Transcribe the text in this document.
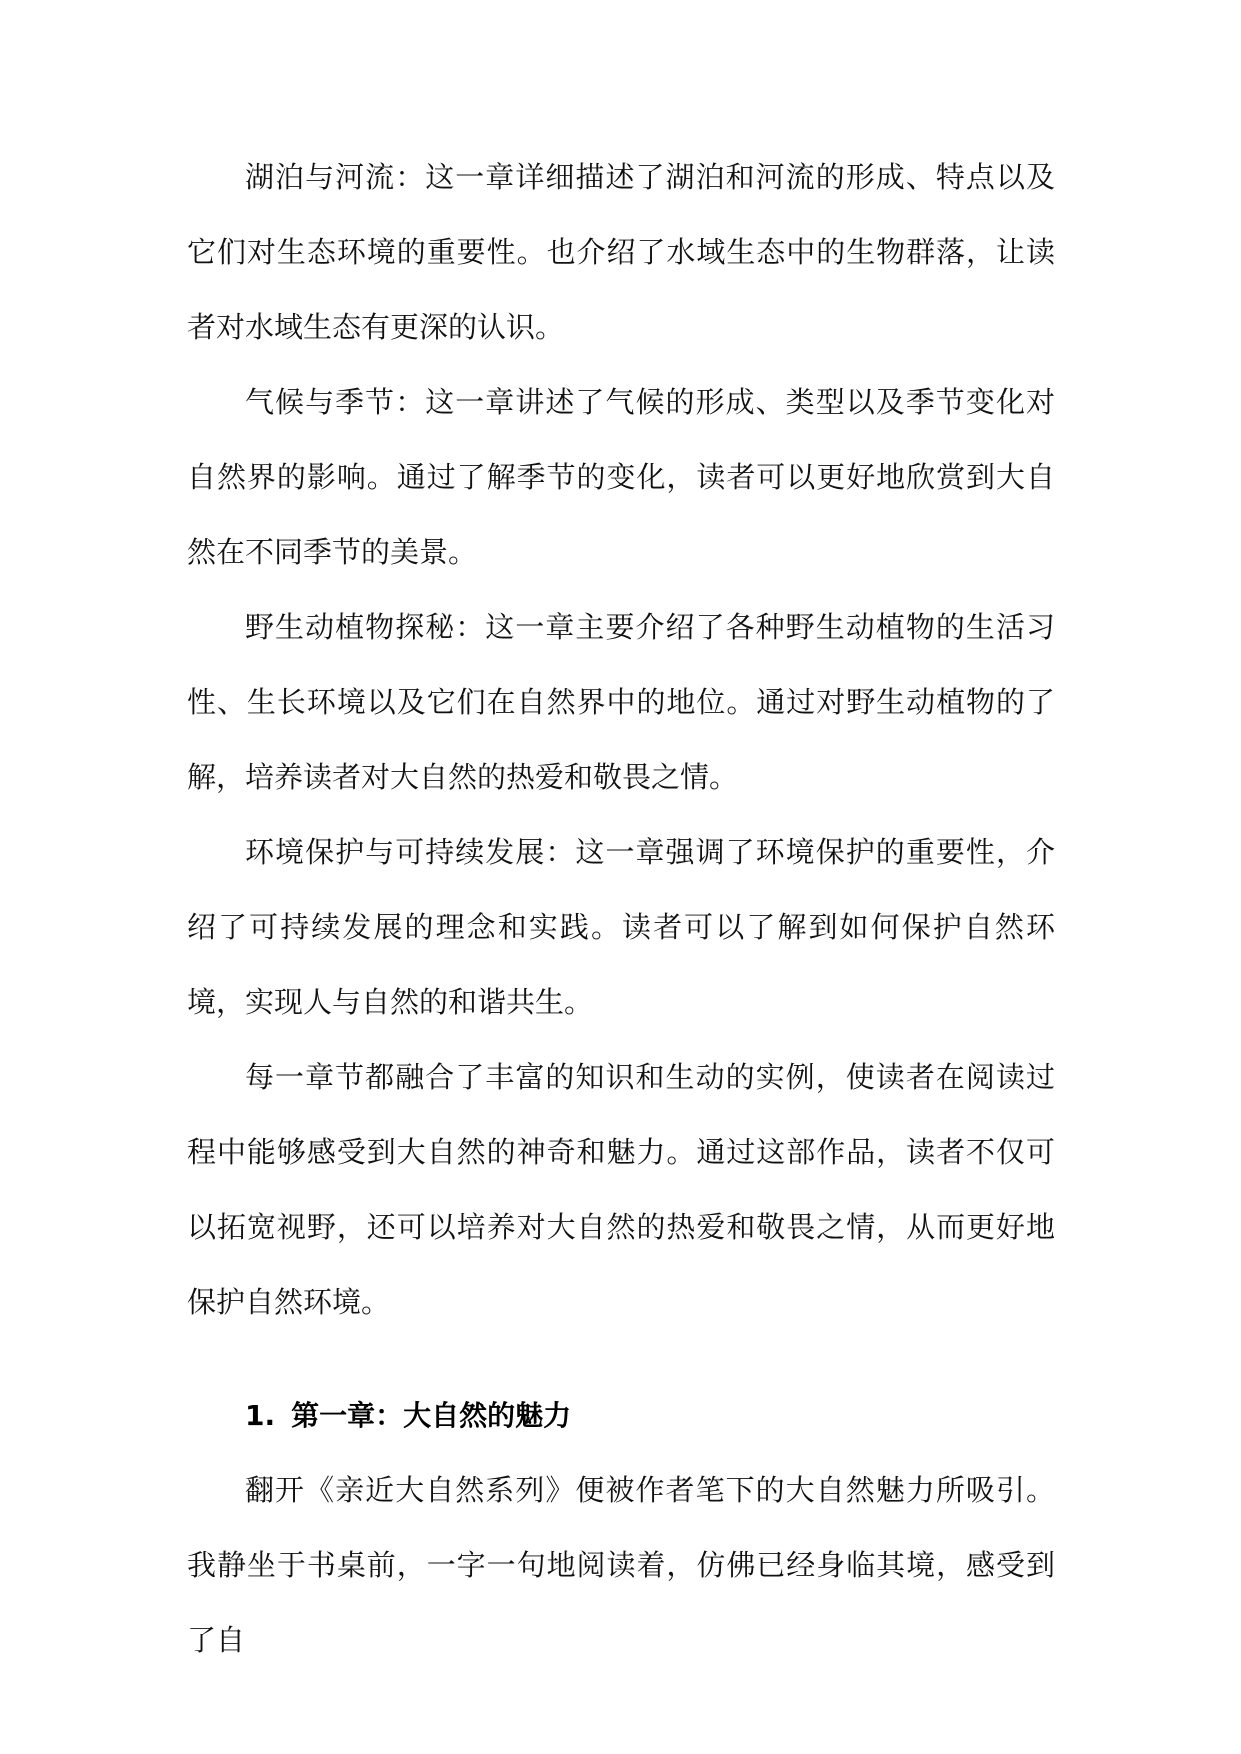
湖泊与河流：这一章详细描述了湖泊和河流的形成、特点以及它们对生态环境的重要性。也介绍了水域生态中的生物群落，让读者对水域生态有更深的认识。

气候与季节：这一章讲述了气候的形成、类型以及季节变化对自然界的影响。通过了解季节的变化，读者可以更好地欣赏到大自然在不同季节的美景。

野生动植物探秘：这一章主要介绍了各种野生动植物的生活习性、生长环境以及它们在自然界中的地位。通过对野生动植物的了解，培养读者对大自然的热爱和敬畏之情。

环境保护与可持续发展：这一章强调了环境保护的重要性，介绍了可持续发展的理念和实践。读者可以了解到如何保护自然环境，实现人与自然的和谐共生。

每一章节都融合了丰富的知识和生动的实例，使读者在阅读过程中能够感受到大自然的神奇和魅力。通过这部作品，读者不仅可以拓宽视野，还可以培养对大自然的热爱和敬畏之情，从而更好地保护自然环境。

1. 第一章：大自然的魅力

翻开《亲近大自然系列》便被作者笔下的大自然魅力所吸引。我静坐于书桌前，一字一句地阅读着，仿佛已经身临其境，感受到了自
